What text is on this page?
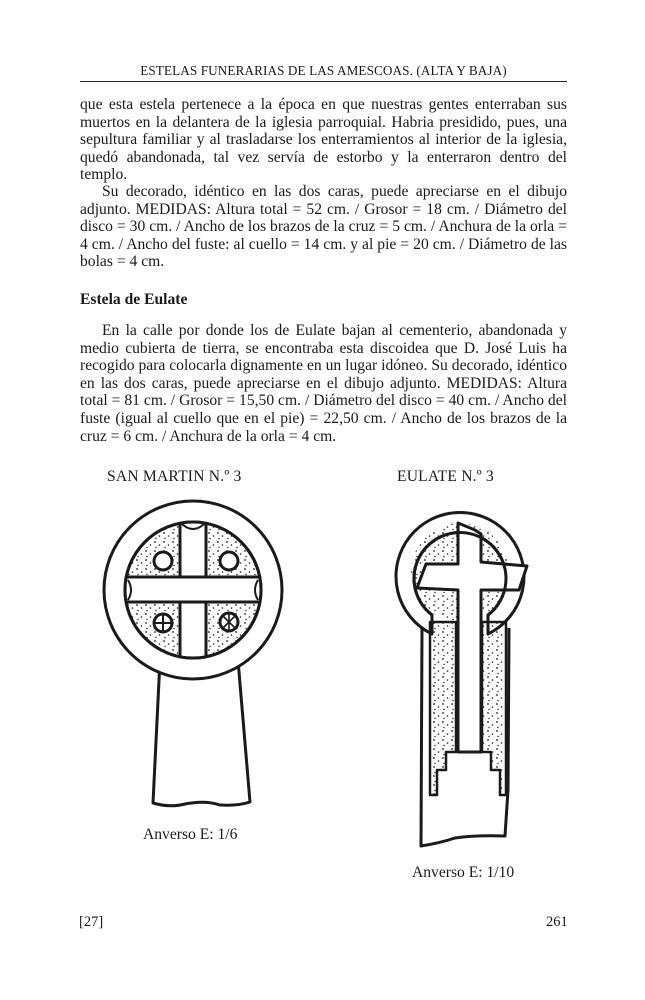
ESTELAS FUNERARIAS DE LAS AMESCOAS. (ALTA Y BAJA)

que esta estela pertenece a la época en que nuestras gentes enterraban sus muertos en la delantera de la iglesia parroquial. Habria presidido, pues, una sepultura familiar y al trasladarse los enterramientos al interior de la iglesia, quedó abandonada, tal vez servía de estorbo y la enterraron dentro del templo.

Su decorado, idéntico en las dos caras, puede apreciarse en el dibujo adjunto. MEDIDAS: Altura total = 52 cm. / Grosor = 18 cm. / Diámetro del disco = 30 cm. / Ancho de los brazos de la cruz = 5 cm. / Anchura de la orla = 4 cm. / Ancho del fuste: al cuello = 14 cm. y al pie = 20 cm. / Diámetro de las bolas = 4 cm.

Estela de Eulate

En la calle por donde los de Eulate bajan al cementerio, abandonada y medio cubierta de tierra, se encontraba esta discoidea que D. José Luis ha recogido para colocarla dignamente en un lugar idóneo. Su decorado, idéntico en las dos caras, puede apreciarse en el dibujo adjunto. MEDIDAS: Altura total = 81 cm. / Grosor = 15,50 cm. / Diámetro del disco = 40 cm. / Ancho del fuste (igual al cuello que en el pie) = 22,50 cm. / Ancho de los brazos de la cruz = 6 cm. / Anchura de la orla = 4 cm.

SAN MARTIN N.º 3	EULATE N.º 3
Anverso E: 1/6
Anverso E: 1/10
[27]	261
